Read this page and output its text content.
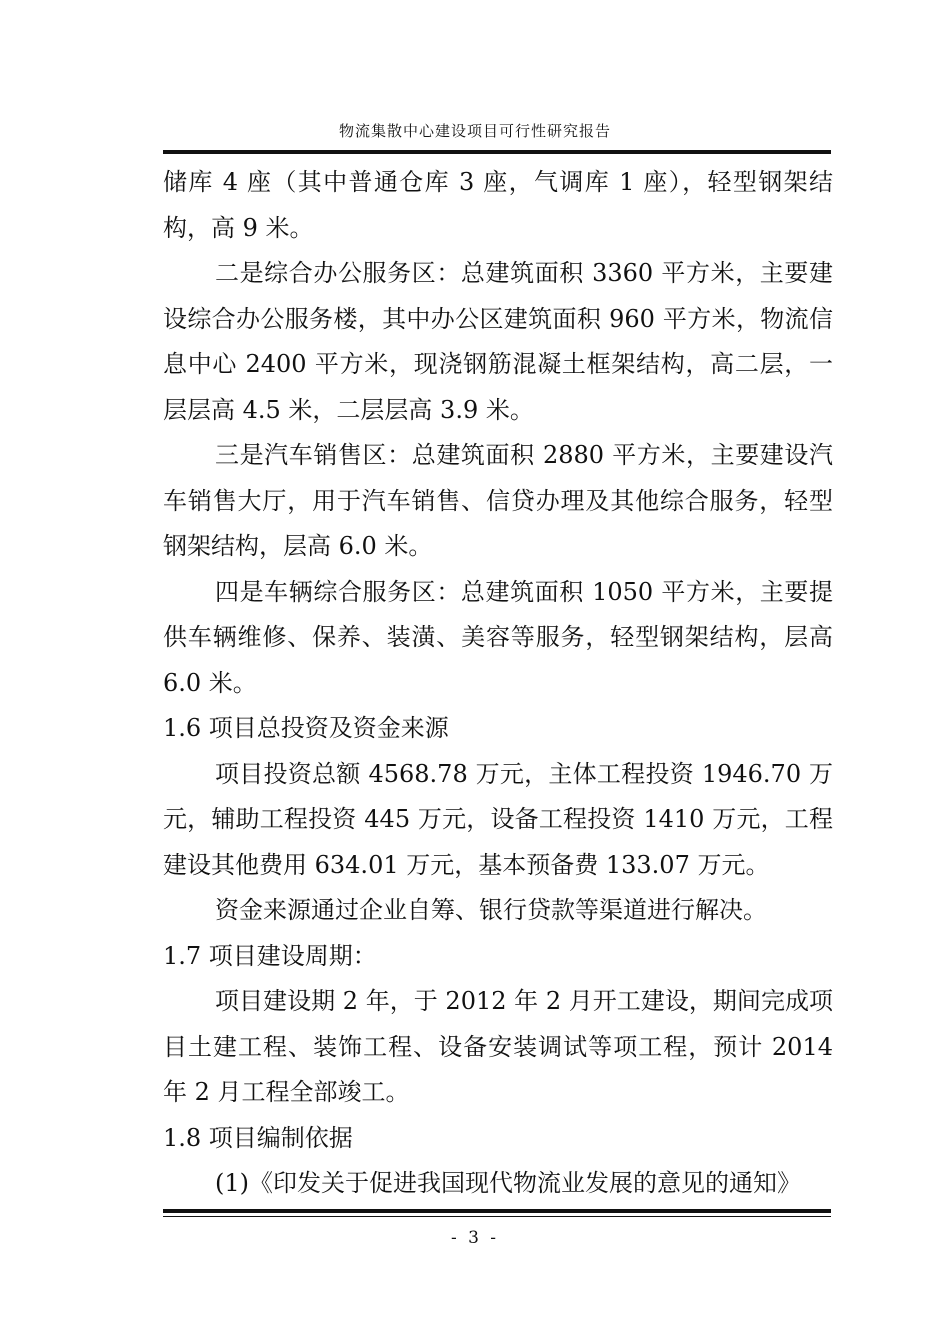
物流集散中心建设项目可行性研究报告

储库 4 座（其中普通仓库 3 座，气调库 1 座），轻型钢架结构，高 9 米。

二是综合办公服务区：总建筑面积 3360 平方米，主要建设综合办公服务楼，其中办公区建筑面积 960 平方米，物流信息中心 2400 平方米，现浇钢筋混凝土框架结构，高二层，一层层高 4.5 米，二层层高 3.9 米。

三是汽车销售区：总建筑面积 2880 平方米，主要建设汽车销售大厅，用于汽车销售、信贷办理及其他综合服务，轻型钢架结构，层高 6.0 米。

四是车辆综合服务区：总建筑面积 1050 平方米，主要提供车辆维修、保养、装潢、美容等服务，轻型钢架结构，层高 6.0 米。

1.6 项目总投资及资金来源

项目投资总额 4568.78 万元，主体工程投资 1946.70 万元，辅助工程投资 445 万元，设备工程投资 1410 万元，工程建设其他费用 634.01 万元，基本预备费 133.07 万元。

资金来源通过企业自筹、银行贷款等渠道进行解决。

1.7 项目建设周期：

项目建设期 2 年，于 2012 年 2 月开工建设，期间完成项目土建工程、装饰工程、设备安装调试等项工程，预计 2014 年 2 月工程全部竣工。

1.8 项目编制依据

(1)《印发关于促进我国现代物流业发展的意见的通知》

- 3 -
